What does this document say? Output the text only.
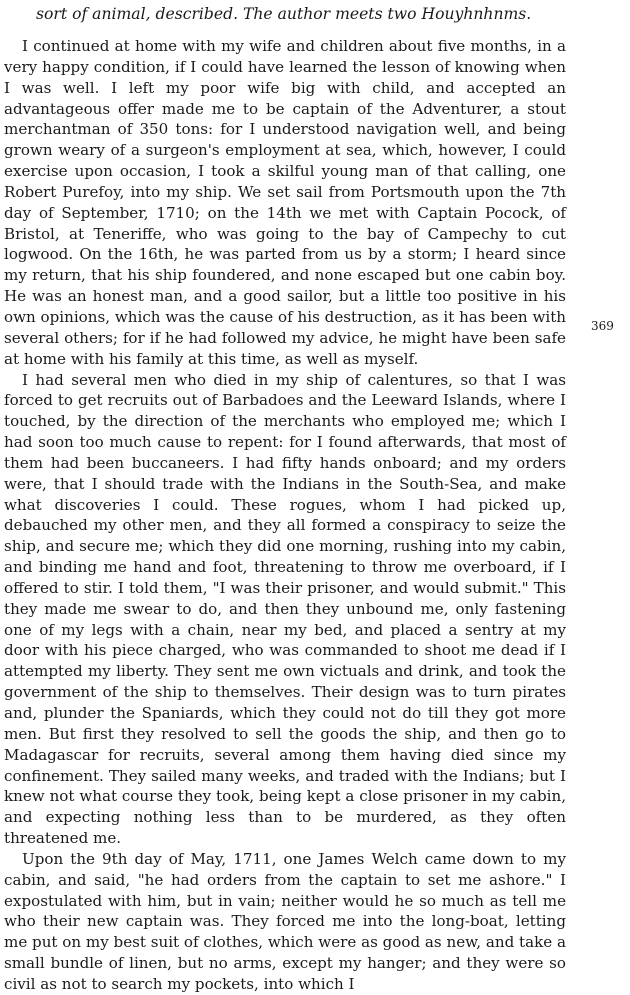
sort of animal, described. The author meets two Houyhnhnms.

I continued at home with my wife and children about five months, in a very happy condition, if I could have learned the lesson of knowing when I was well. I left my poor wife big with child, and accepted an advantageous offer made me to be captain of the Adventurer, a stout merchantman of 350 tons: for I understood navigation well, and being grown weary of a surgeon's employment at sea, which, however, I could exercise upon occasion, I took a skilful young man of that calling, one Robert Purefoy, into my ship. We set sail from Portsmouth upon the 7th day of September, 1710; on the 14th we met with Captain Pocock, of Bristol, at Teneriffe, who was going to the bay of Campechy to cut logwood. On the 16th, he was parted from us by a storm; I heard since my return, that his ship foundered, and none escaped but one cabin boy. He was an honest man, and a good sailor, but a little too positive in his own opinions, which was the cause of his destruction, as it has been with several others; for if he had followed my advice, he might have been safe at home with his family at this time, as well as myself.

I had several men who died in my ship of calentures, so that I was forced to get recruits out of Barbadoes and the Leeward Islands, where I touched, by the direction of the merchants who employed me; which I had soon too much cause to repent: for I found afterwards, that most of them had been buccaneers. I had fifty hands onboard; and my orders were, that I should trade with the Indians in the South-Sea, and make what discoveries I could. These rogues, whom I had picked up, debauched my other men, and they all formed a conspiracy to seize the ship, and secure me; which they did one morning, rushing into my cabin, and binding me hand and foot, threatening to throw me overboard, if I offered to stir. I told them, "I was their prisoner, and would submit." This they made me swear to do, and then they unbound me, only fastening one of my legs with a chain, near my bed, and placed a sentry at my door with his piece charged, who was commanded to shoot me dead if I attempted my liberty. They sent me own victuals and drink, and took the government of the ship to themselves. Their design was to turn pirates and, plunder the Spaniards, which they could not do till they got more men. But first they resolved to sell the goods the ship, and then go to Madagascar for recruits, several among them having died since my confinement. They sailed many weeks, and traded with the Indians; but I knew not what course they took, being kept a close prisoner in my cabin, and expecting nothing less than to be murdered, as they often threatened me.

Upon the 9th day of May, 1711, one James Welch came down to my cabin, and said, "he had orders from the captain to set me ashore." I expostulated with him, but in vain; neither would he so much as tell me who their new captain was. They forced me into the long-boat, letting me put on my best suit of clothes, which were as good as new, and take a small bundle of linen, but no arms, except my hanger; and they were so civil as not to search my pockets, into which I

369
